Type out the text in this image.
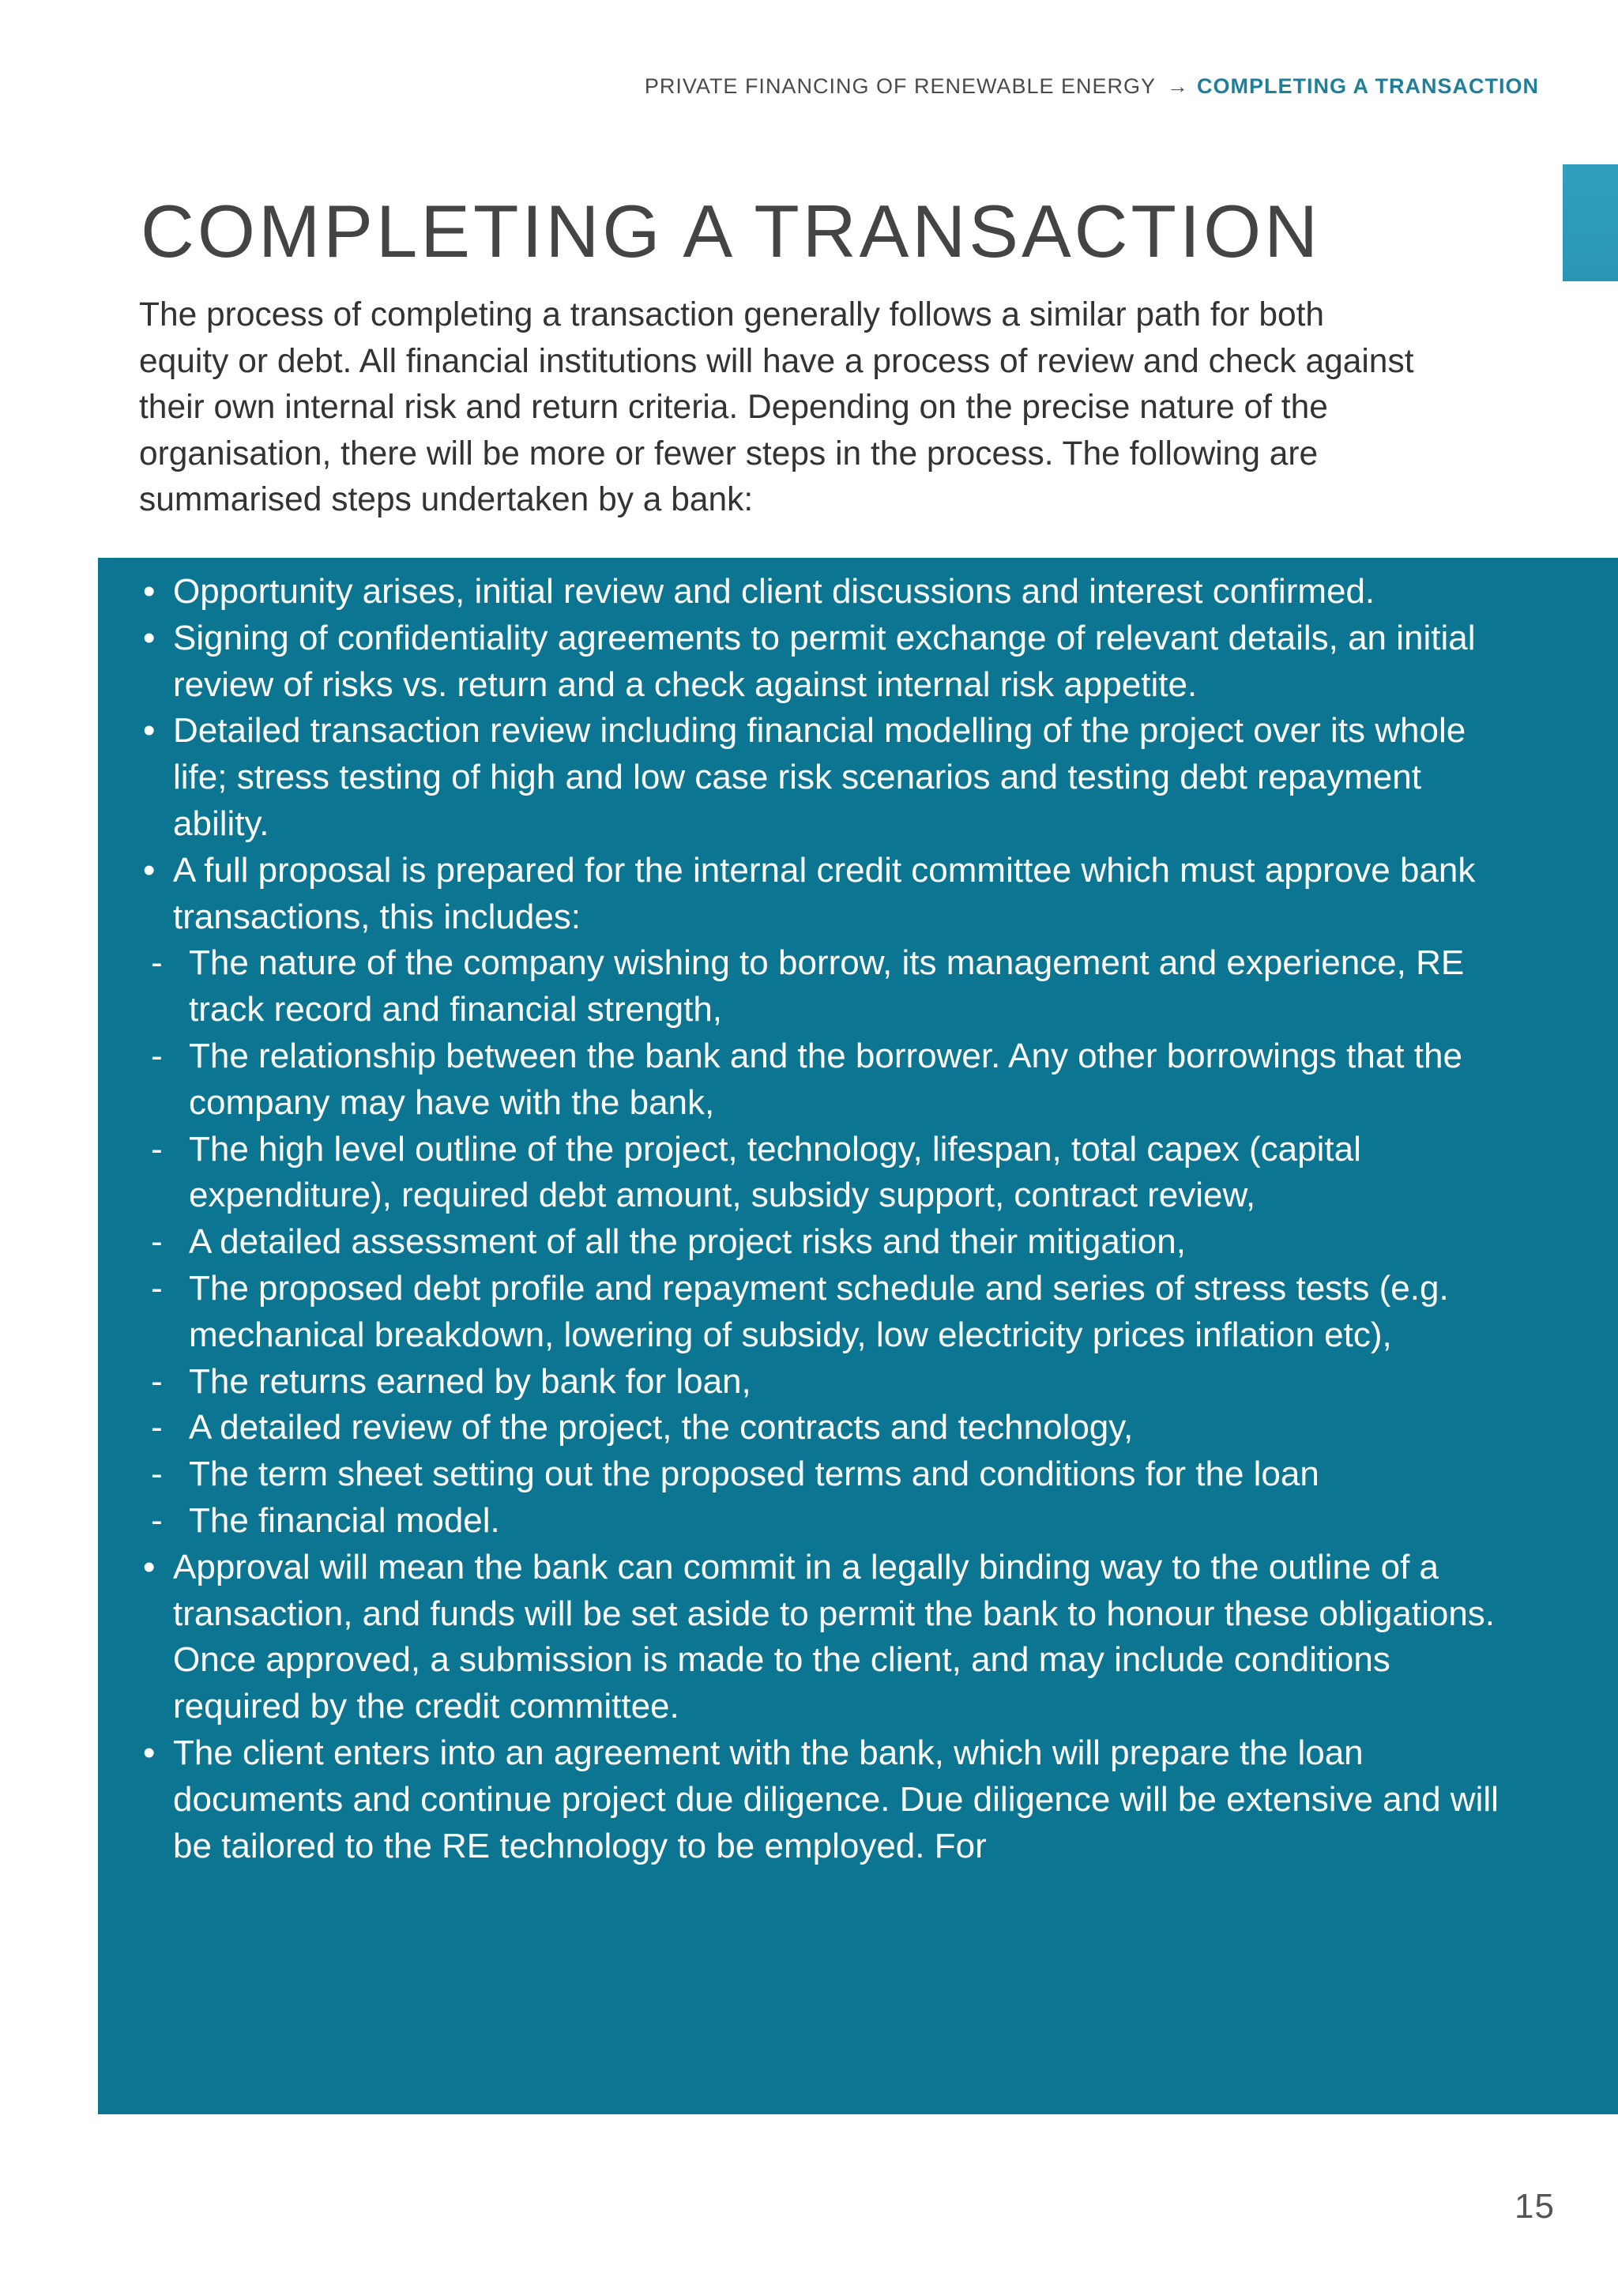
PRIVATE FINANCING OF RENEWABLE ENERGY → COMPLETING A TRANSACTION
COMPLETING A TRANSACTION

The process of completing a transaction generally follows a similar path for both equity or debt. All financial institutions will have a process of review and check against their own internal risk and return criteria. Depending on the precise nature of the organisation, there will be more or fewer steps in the process. The following are summarised steps undertaken by a bank:

• Opportunity arises, initial review and client discussions and interest confirmed.
• Signing of confidentiality agreements to permit exchange of relevant details, an initial review of risks vs. return and a check against internal risk appetite.
• Detailed transaction review including financial modelling of the project over its whole life; stress testing of high and low case risk scenarios and testing debt repayment ability.
• A full proposal is prepared for the internal credit committee which must approve bank transactions, this includes:
- The nature of the company wishing to borrow, its management and experience, RE track record and financial strength,
- The relationship between the bank and the borrower. Any other borrowings that the company may have with the bank,
- The high level outline of the project, technology, lifespan, total capex (capital expenditure), required debt amount, subsidy support, contract review,
- A detailed assessment of all the project risks and their mitigation,
- The proposed debt profile and repayment schedule and series of stress tests (e.g. mechanical breakdown, lowering of subsidy, low electricity prices inflation etc),
- The returns earned by bank for loan,
- A detailed review of the project, the contracts and technology,
- The term sheet setting out the proposed terms and conditions for the loan
- The financial model.
• Approval will mean the bank can commit in a legally binding way to the outline of a transaction, and funds will be set aside to permit the bank to honour these obligations. Once approved, a submission is made to the client, and may include conditions required by the credit committee.
• The client enters into an agreement with the bank, which will prepare the loan documents and continue project due diligence. Due diligence will be extensive and will be tailored to the RE technology to be employed. For
15
